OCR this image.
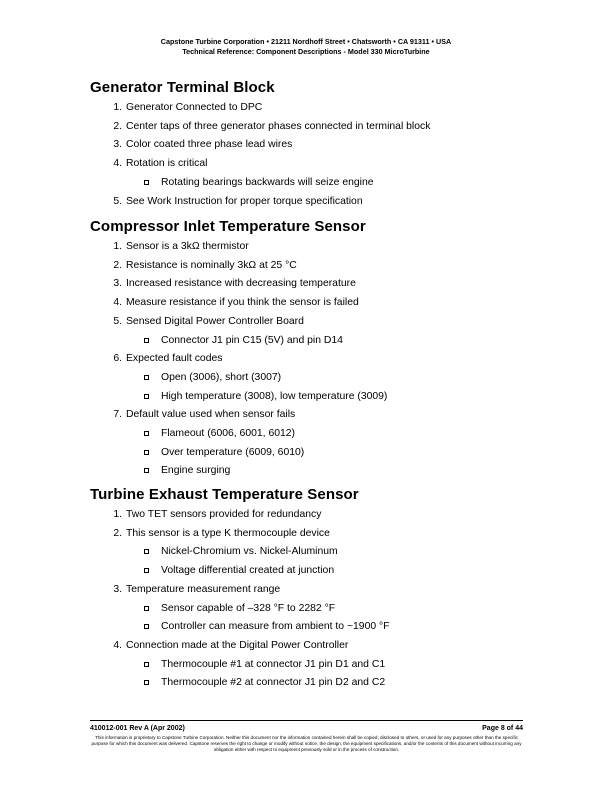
Capstone Turbine Corporation • 21211 Nordhoff Street • Chatsworth • CA 91311 • USA
Technical Reference: Component Descriptions - Model 330 MicroTurbine
Generator Terminal Block
1. Generator Connected to DPC
2. Center taps of three generator phases connected in terminal block
3. Color coated three phase lead wires
4. Rotation is critical
Rotating bearings backwards will seize engine
5. See Work Instruction for proper torque specification
Compressor Inlet Temperature Sensor
1. Sensor is a 3kΩ thermistor
2. Resistance is nominally 3kΩ at 25 °C
3. Increased resistance with decreasing temperature
4. Measure resistance if you think the sensor is failed
5. Sensed Digital Power Controller Board
Connector J1 pin C15 (5V) and pin D14
6. Expected fault codes
Open (3006), short (3007)
High temperature (3008), low temperature (3009)
7. Default value used when sensor fails
Flameout (6006, 6001, 6012)
Over temperature (6009, 6010)
Engine surging
Turbine Exhaust Temperature Sensor
1. Two TET sensors provided for redundancy
2. This sensor is a type K thermocouple device
Nickel-Chromium vs. Nickel-Aluminum
Voltage differential created at junction
3. Temperature measurement range
Sensor capable of –328 °F to 2282 °F
Controller can measure from ambient to ~1900 °F
4. Connection made at the Digital Power Controller
Thermocouple #1 at connector J1 pin D1 and C1
Thermocouple #2 at connector J1 pin D2 and C2
410012-001 Rev A (Apr 2002)	Page 8 of 44
This information is proprietary to Capstone Turbine Corporation. Neither this document nor the information contained herein shall be copied, disclosed to others, or used for any purposes other than the specific purpose for which this document was delivered. Capstone reserves the right to change or modify without notice, the design, the equipment specifications, and/or the contents of this document without incurring any obligation either with respect to equipment previously sold or in the process of construction.
